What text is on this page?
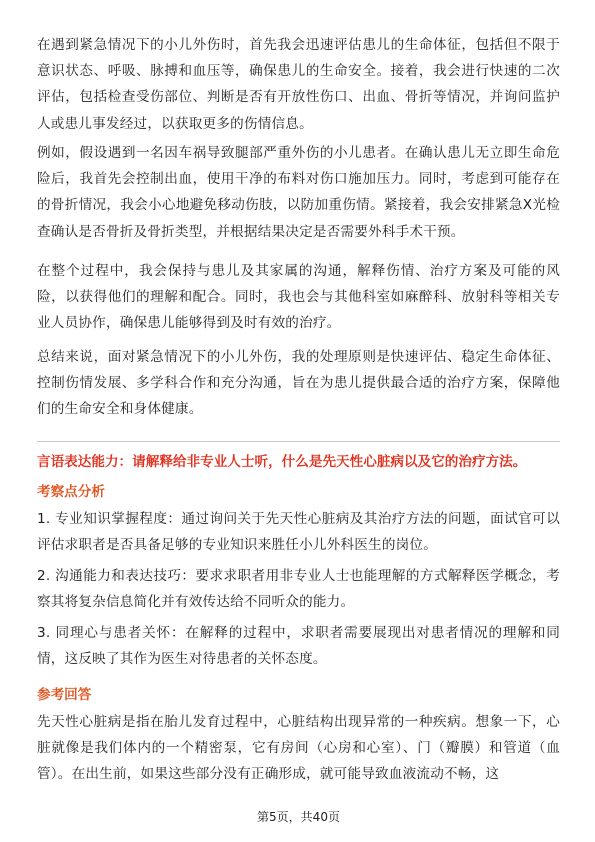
在遇到紧急情况下的小儿外伤时，首先我会迅速评估患儿的生命体征，包括但不限于意识状态、呼吸、脉搏和血压等，确保患儿的生命安全。接着，我会进行快速的二次评估，包括检查受伤部位、判断是否有开放性伤口、出血、骨折等情况，并询问监护人或患儿事发经过，以获取更多的伤情信息。

例如，假设遇到一名因车祸导致腿部严重外伤的小儿患者。在确认患儿无立即生命危险后，我首先会控制出血，使用干净的布料对伤口施加压力。同时，考虑到可能存在的骨折情况，我会小心地避免移动伤肢，以防加重伤情。紧接着，我会安排紧急X光检查确认是否骨折及骨折类型，并根据结果决定是否需要外科手术干预。

在整个过程中，我会保持与患儿及其家属的沟通，解释伤情、治疗方案及可能的风险，以获得他们的理解和配合。同时，我也会与其他科室如麻醉科、放射科等相关专业人员协作，确保患儿能够得到及时有效的治疗。

总结来说，面对紧急情况下的小儿外伤，我的处理原则是快速评估、稳定生命体征、控制伤情发展、多学科合作和充分沟通，旨在为患儿提供最合适的治疗方案，保障他们的生命安全和身体健康。

言语表达能力：请解释给非专业人士听，什么是先天性心脏病以及它的治疗方法。

考察点分析

1. 专业知识掌握程度：通过询问关于先天性心脏病及其治疗方法的问题，面试官可以评估求职者是否具备足够的专业知识来胜任小儿外科医生的岗位。

2. 沟通能力和表达技巧：要求求职者用非专业人士也能理解的方式解释医学概念，考察其将复杂信息简化并有效传达给不同听众的能力。

3. 同理心与患者关怀：在解释的过程中，求职者需要展现出对患者情况的理解和同情，这反映了其作为医生对待患者的关怀态度。

参考回答

先天性心脏病是指在胎儿发育过程中，心脏结构出现异常的一种疾病。想象一下，心脏就像是我们体内的一个精密泵，它有房间（心房和心室）、门（瓣膜）和管道（血管）。在出生前，如果这些部分没有正确形成，就可能导致血液流动不畅，这

第5页，共40页
